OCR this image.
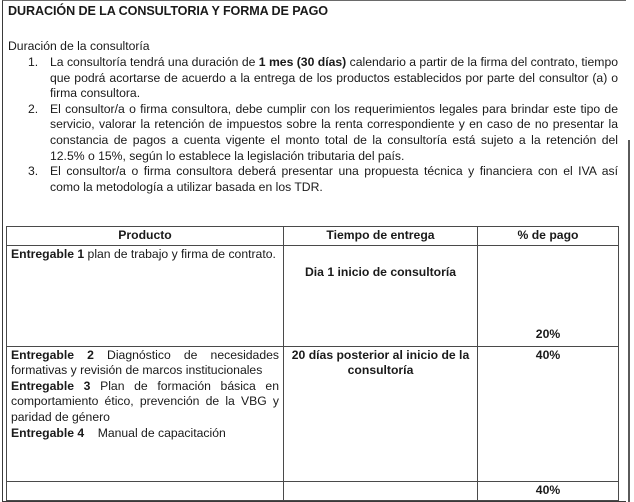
DURACIÓN DE LA CONSULTORIA Y FORMA DE PAGO
Duración de la consultoría
1. La consultoría tendrá una duración de 1 mes (30 días) calendario a partir de la firma del contrato, tiempo que podrá acortarse de acuerdo a la entrega de los productos establecidos por parte del consultor (a) o firma consultora.
2. El consultor/a o firma consultora, debe cumplir con los requerimientos legales para brindar este tipo de servicio, valorar la retención de impuestos sobre la renta correspondiente y en caso de no presentar la constancia de pagos a cuenta vigente el monto total de la consultoría está sujeto a la retención del 12.5% o 15%, según lo establece la legislación tributaria del país.
3. El consultor/a o firma consultora deberá presentar una propuesta técnica y financiera con el IVA así como la metodología a utilizar basada en los TDR.
Producto	Tiempo de entrega	% de pago
Entregable 1 plan de trabajo y firma de contrato.	Dia 1 inicio de consultoría	20%

Entregable 2 Diagnóstico de necesidades formativas y revisión de marcos institucionales
Entregable 3 Plan de formación básica en comportamiento ético, prevención de la VBG y paridad de género
Entregable 4    Manual de capacitación	20 días posterior al inicio de la consultoría	40%
		40%
